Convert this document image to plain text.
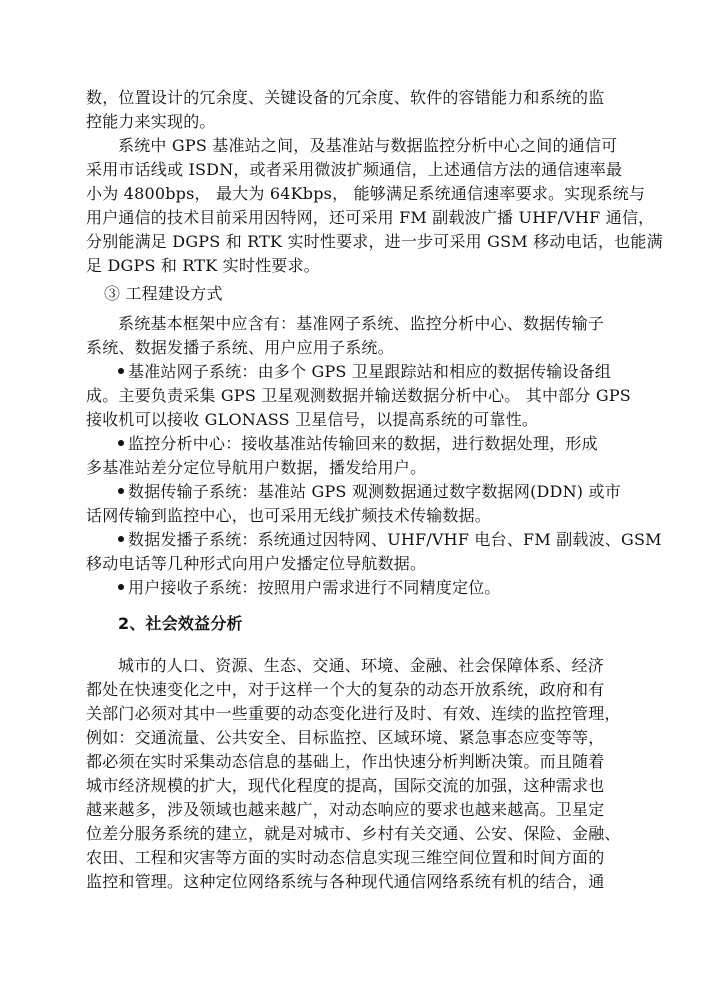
数，位置设计的冗余度、关键设备的冗余度、软件的容错能力和系统的监
控能力来实现的。
系统中 GPS 基准站之间，及基准站与数据监控分析中心之间的通信可
采用市话线或 ISDN，或者采用微波扩频通信，上述通信方法的通信速率最
小为 4800bps， 最大为 64Kbps， 能够满足系统通信速率要求。实现系统与
用户通信的技术目前采用因特网，还可采用 FM 副载波广播 UHF/VHF 通信，
分别能满足 DGPS 和 RTK 实时性要求，进一步可采用 GSM 移动电话，也能满
足 DGPS 和 RTK 实时性要求。
③ 工程建设方式
系统基本框架中应含有：基准网子系统、监控分析中心、数据传输子
系统、数据发播子系统、用户应用子系统。
基准站网子系统：由多个 GPS 卫星跟踪站和相应的数据传输设备组
成。主要负责采集 GPS 卫星观测数据并输送数据分析中心。 其中部分 GPS
接收机可以接收 GLONASS 卫星信号，以提高系统的可靠性。
监控分析中心：接收基准站传输回来的数据，进行数据处理，形成
多基准站差分定位导航用户数据，播发给用户。
数据传输子系统：基准站 GPS 观测数据通过数字数据网(DDN) 或市
话网传输到监控中心，也可采用无线扩频技术传输数据。
数据发播子系统：系统通过因特网、UHF/VHF 电台、FM 副载波、GSM
移动电话等几种形式向用户发播定位导航数据。
用户接收子系统：按照用户需求进行不同精度定位。
2、社会效益分析
城市的人口、资源、生态、交通、环境、金融、社会保障体系、经济
都处在快速变化之中，对于这样一个大的复杂的动态开放系统，政府和有
关部门必须对其中一些重要的动态变化进行及时、有效、连续的监控管理，
例如：交通流量、公共安全、目标监控、区域环境、紧急事态应变等等，
都必须在实时采集动态信息的基础上，作出快速分析判断决策。而且随着
城市经济规模的扩大，现代化程度的提高，国际交流的加强，这种需求也
越来越多，涉及领域也越来越广，对动态响应的要求也越来越高。卫星定
位差分服务系统的建立，就是对城市、乡村有关交通、公安、保险、金融、
农田、工程和灾害等方面的实时动态信息实现三维空间位置和时间方面的
监控和管理。这种定位网络系统与各种现代通信网络系统有机的结合，通
